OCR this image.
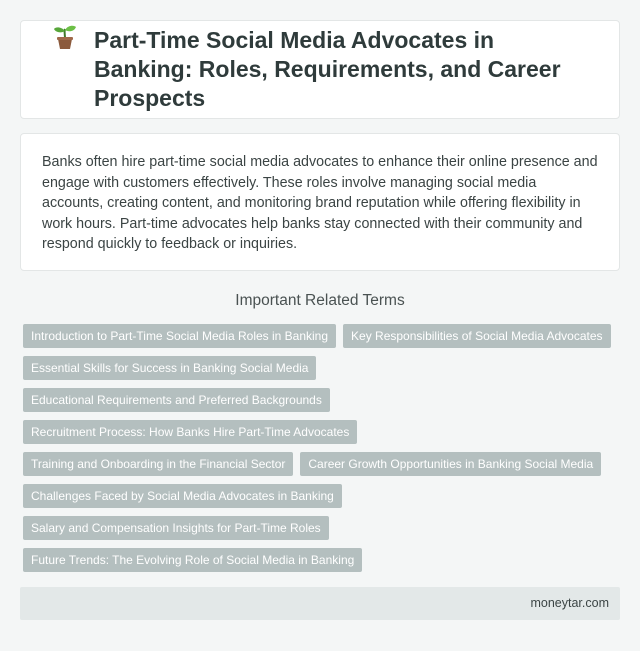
Part-Time Social Media Advocates in Banking: Roles, Requirements, and Career Prospects

Banks often hire part-time social media advocates to enhance their online presence and engage with customers effectively. These roles involve managing social media accounts, creating content, and monitoring brand reputation while offering flexibility in work hours. Part-time advocates help banks stay connected with their community and respond quickly to feedback or inquiries.

Important Related Terms
Introduction to Part-Time Social Media Roles in Banking	Key Responsibilities of Social Media Advocates
Essential Skills for Success in Banking Social Media
Educational Requirements and Preferred Backgrounds
Recruitment Process: How Banks Hire Part-Time Advocates
Training and Onboarding in the Financial Sector	Career Growth Opportunities in Banking Social Media
Challenges Faced by Social Media Advocates in Banking
Salary and Compensation Insights for Part-Time Roles
Future Trends: The Evolving Role of Social Media in Banking
moneytar.com
